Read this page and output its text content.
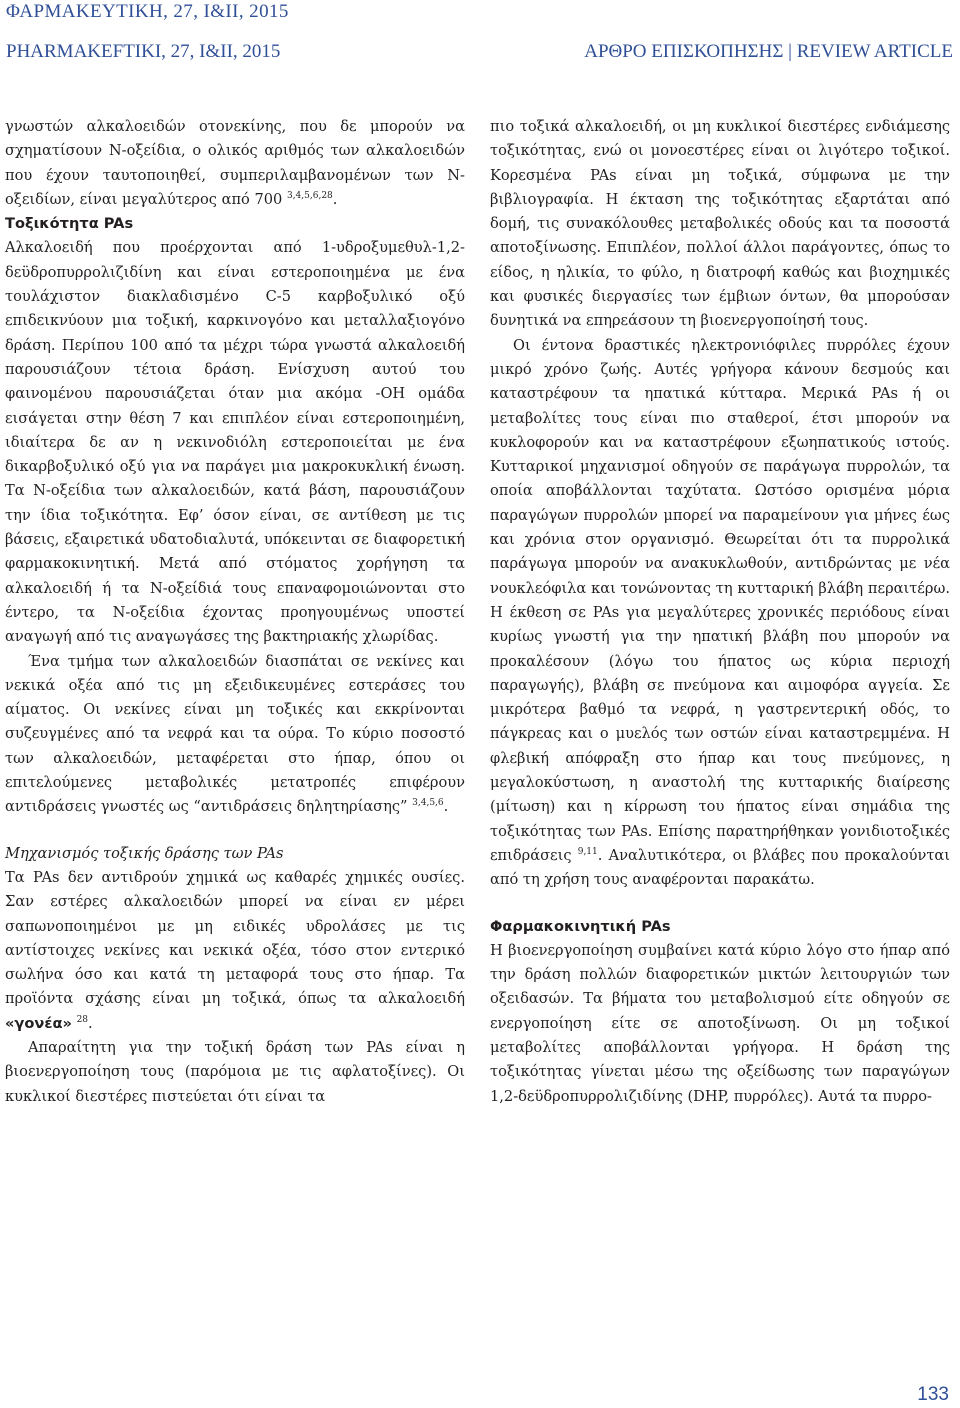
ΦΑΡΜΑΚΕΥΤΙΚΗ, 27, I&II, 2015
PHARMAKEFTIKI, 27, I&II, 2015	ΑΡΘΡΟ ΕΠΙΣΚΟΠΗΣΗΣ | REVIEW ARTICLE

γνωστών αλκαλοειδών οτονεκίνης, που δε μπορούν να σχηματίσουν Ν-οξείδια, ο ολικός αριθμός των αλκαλοειδών που έχουν ταυτοποιηθεί, συμπεριλαμβανομένων των Ν-οξειδίων, είναι μεγαλύτερος από 700 $^{3,4,5,6,28}$.

Τοξικότητα PAs

Αλκαλοειδή που προέρχονται από 1-υδροξυμεθυλ-1,2-δεϋδροπυρρολιζιδίνη και είναι εστεροποιημένα με ένα τουλάχιστον διακλαδισμένο C-5 καρβοξυλικό οξύ επιδεικνύουν μια τοξική, καρκινογόνο και μεταλλαξιογόνο δράση. Περίπου 100 από τα μέχρι τώρα γνωστά αλκαλοειδή παρουσιάζουν τέτοια δράση. Ενίσχυση αυτού του φαινομένου παρουσιάζεται όταν μια ακόμα -ΟΗ ομάδα εισάγεται στην θέση 7 και επιπλέον είναι εστεροποιημένη, ιδιαίτερα δε αν η νεκινοδιόλη εστεροποιείται με ένα δικαρβοξυλικό οξύ για να παράγει μια μακροκυκλική ένωση. Τα Ν-οξείδια των αλκαλοειδών, κατά βάση, παρουσιάζουν την ίδια τοξικότητα. Εφ’ όσον είναι, σε αντίθεση με τις βάσεις, εξαιρετικά υδατοδιαλυτά, υπόκεινται σε διαφορετική φαρμακοκινητική. Μετά από στόματος χορήγηση τα αλκαλοειδή ή τα Ν-οξείδιά τους επαναφομοιώνονται στο έντερο, τα Ν-οξείδια έχοντας προηγουμένως υποστεί αναγωγή από τις αναγωγάσες της βακτηριακής χλωρίδας.

Ένα τμήμα των αλκαλοειδών διασπάται σε νεκίνες και νεκικά οξέα από τις μη εξειδικευμένες εστεράσες του αίματος. Οι νεκίνες είναι μη τοξικές και εκκρίνονται συζευγμένες από τα νεφρά και τα ούρα. Το κύριο ποσοστό των αλκαλοειδών, μεταφέρεται στο ήπαρ, όπου οι επιτελούμενες μεταβολικές μετατροπές επιφέρουν αντιδράσεις γνωστές ως “αντιδράσεις δηλητηρίασης” $^{3,4,5,6}$.

Μηχανισμός τοξικής δράσης των PAs

Τα PAs δεν αντιδρούν χημικά ως καθαρές χημικές ουσίες. Σαν εστέρες αλκαλοειδών μπορεί να είναι εν μέρει σαπωνοποιημένοι με μη ειδικές υδρολάσες με τις αντίστοιχες νεκίνες και νεκικά οξέα, τόσο στον εντερικό σωλήνα όσο και κατά τη μεταφορά τους στο ήπαρ. Τα προϊόντα σχάσης είναι μη τοξικά, όπως τα αλκαλοειδή «γονέα» $^{28}$.

Απαραίτητη για την τοξική δράση των PAs είναι η βιοενεργοποίηση τους (παρόμοια με τις αφλατοξίνες). Οι κυκλικοί διεστέρες πιστεύεται ότι είναι τα

πιο τοξικά αλκαλοειδή, οι μη κυκλικοί διεστέρες ενδιάμεσης τοξικότητας, ενώ οι μονοεστέρες είναι οι λιγότερο τοξικοί. Κορεσμένα PAs είναι μη τοξικά, σύμφωνα με την βιβλιογραφία. Η έκταση της τοξικότητας εξαρτάται από δομή, τις συνακόλουθες μεταβολικές οδούς και τα ποσοστά αποτοξίνωσης. Επιπλέον, πολλοί άλλοι παράγοντες, όπως το είδος, η ηλικία, το φύλο, η διατροφή καθώς και βιοχημικές και φυσικές διεργασίες των έμβιων όντων, θα μπορούσαν δυνητικά να επηρεάσουν τη βιοενεργοποίησή τους.

Οι έντονα δραστικές ηλεκτρονιόφιλες πυρρόλες έχουν μικρό χρόνο ζωής. Αυτές γρήγορα κάνουν δεσμούς και καταστρέφουν τα ηπατικά κύτταρα. Μερικά PAs ή οι μεταβολίτες τους είναι πιο σταθεροί, έτσι μπορούν να κυκλοφορούν και να καταστρέφουν εξωηπατικούς ιστούς. Κυτταρικοί μηχανισμοί οδηγούν σε παράγωγα πυρρολών, τα οποία αποβάλλονται ταχύτατα. Ωστόσο ορισμένα μόρια παραγώγων πυρρολών μπορεί να παραμείνουν για μήνες έως και χρόνια στον οργανισμό. Θεωρείται ότι τα πυρρολικά παράγωγα μπορούν να ανακυκλωθούν, αντιδρώντας με νέα νουκλεόφιλα και τονώνοντας τη κυτταρική βλάβη περαιτέρω. Η έκθεση σε PAs για μεγαλύτερες χρονικές περιόδους είναι κυρίως γνωστή για την ηπατική βλάβη που μπορούν να προκαλέσουν (λόγω του ήπατος ως κύρια περιοχή παραγωγής), βλάβη σε πνεύμονα και αιμοφόρα αγγεία. Σε μικρότερα βαθμό τα νεφρά, η γαστρεντερική οδός, το πάγκρεας και ο μυελός των οστών είναι καταστρεμμένα. Η φλεβική απόφραξη στο ήπαρ και τους πνεύμονες, η μεγαλοκύστωση, η αναστολή της κυτταρικής διαίρεσης (μίτωση) και η κίρρωση του ήπατος είναι σημάδια της τοξικότητας των PAs. Επίσης παρατηρήθηκαν γονιδιοτοξικές επιδράσεις $^{9,11}$. Αναλυτικότερα, οι βλάβες που προκαλούνται από τη χρήση τους αναφέρονται παρακάτω.

Φαρμακοκινητική PAs

Η βιοενεργοποίηση συμβαίνει κατά κύριο λόγο στο ήπαρ από την δράση πολλών διαφορετικών μικτών λειτουργιών των οξειδασών. Τα βήματα του μεταβολισμού είτε οδηγούν σε ενεργοποίηση είτε σε αποτοξίνωση. Οι μη τοξικοί μεταβολίτες αποβάλλονται γρήγορα. Η δράση της τοξικότητας γίνεται μέσω της οξείδωσης των παραγώγων 1,2-δεϋδροπυρρολιζιδίνης (DHP, πυρρόλες). Αυτά τα πυρρο-

133
